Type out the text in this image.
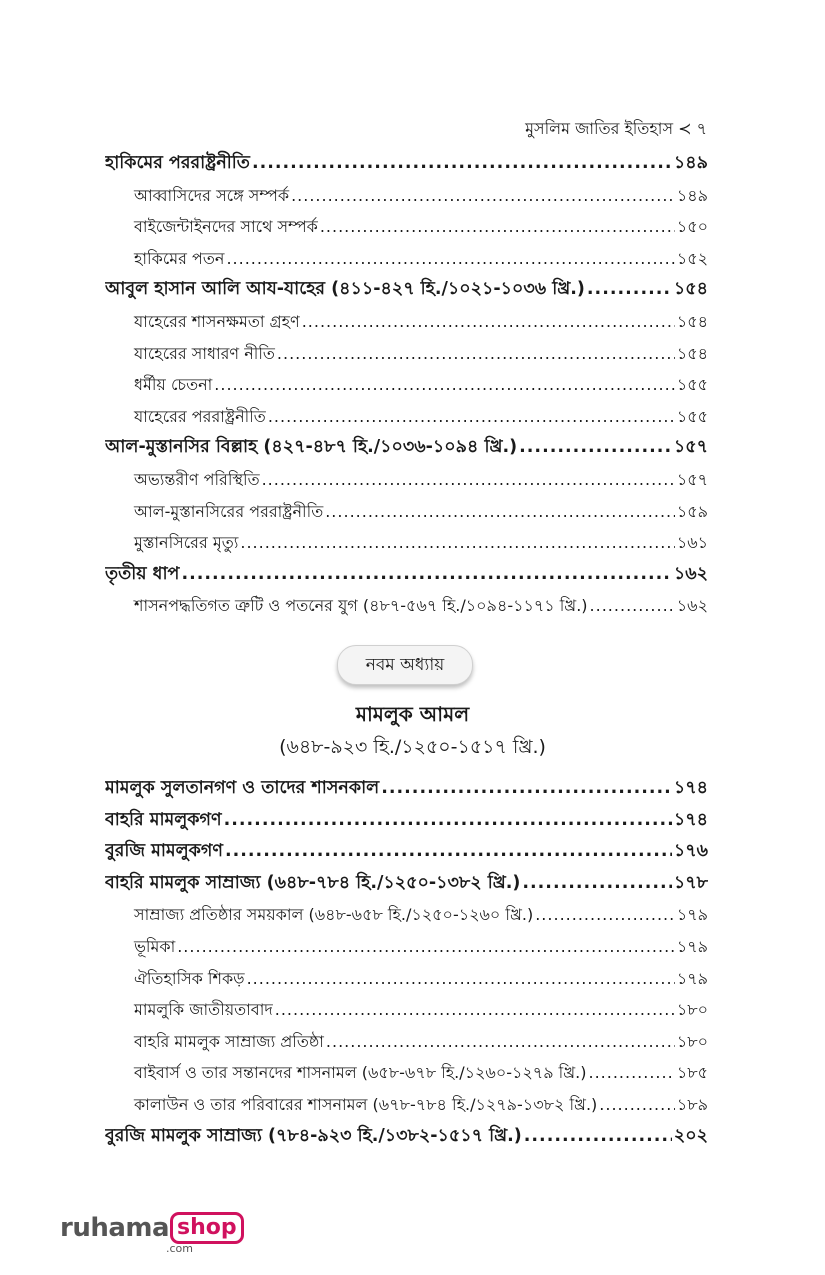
মুসলিম জাতির ইতিহাস ≺ ৭
হাকিমের পররাষ্ট্রনীতি .....	১৪৯
আব্বাসিদের সঙ্গে সম্পর্ক .....	১৪৯
বাইজেন্টাইনদের সাথে সম্পর্ক .....	১৫০
হাকিমের পতন .....	১৫২
আবুল হাসান আলি আয-যাহের (৪১১-৪২৭ হি./১০২১-১০৩৬ খ্রি.) .....	১৫৪
যাহেরের শাসনক্ষমতা গ্রহণ .....	১৫৪
যাহেরের সাধারণ নীতি .....	১৫৪
ধর্মীয় চেতনা .....	১৫৫
যাহেরের পররাষ্ট্রনীতি .....	১৫৫
আল-মুস্তানসির বিল্লাহ (৪২৭-৪৮৭ হি./১০৩৬-১০৯৪ খ্রি.) .....	১৫৭
অভ্যন্তরীণ পরিস্থিতি .....	১৫৭
আল-মুস্তানসিরের পররাষ্ট্রনীতি .....	১৫৯
মুস্তানসিরের মৃত্যু .....	১৬১
তৃতীয় ধাপ .....	১৬২
শাসনপদ্ধতিগত ত্রুটি ও পতনের যুগ (৪৮৭-৫৬৭ হি./১০৯৪-১১৭১ খ্রি.) .....	১৬২
নবম অধ্যায়
মামলুক আমল
(৬৪৮-৯২৩ হি./১২৫০-১৫১৭ খ্রি.)
মামলুক সুলতানগণ ও তাদের শাসনকাল .....	১৭৪
বাহরি মামলুকগণ .....	১৭৪
বুরজি মামলুকগণ .....	১৭৬
বাহরি মামলুক সাম্রাজ্য (৬৪৮-৭৮৪ হি./১২৫০-১৩৮২ খ্রি.) .....	১৭৮
সাম্রাজ্য প্রতিষ্ঠার সময়কাল (৬৪৮-৬৫৮ হি./১২৫০-১২৬০ খ্রি.) .....	১৭৯
ভূমিকা .....	১৭৯
ঐতিহাসিক শিকড় .....	১৭৯
মামলুকি জাতীয়তাবাদ .....	১৮০
বাহরি মামলুক সাম্রাজ্য প্রতিষ্ঠা .....	১৮০
বাইবার্স ও তার সন্তানদের শাসনামল (৬৫৮-৬৭৮ হি./১২৬০-১২৭৯ খ্রি.) .....	১৮৫
কালাউন ও তার পরিবারের শাসনামল (৬৭৮-৭৮৪ হি./১২৭৯-১৩৮২ খ্রি.) .....	১৮৯
বুরজি মামলুক সাম্রাজ্য (৭৮৪-৯২৩ হি./১৩৮২-১৫১৭ খ্রি.) .....	২০২
ruhama shop
.com
